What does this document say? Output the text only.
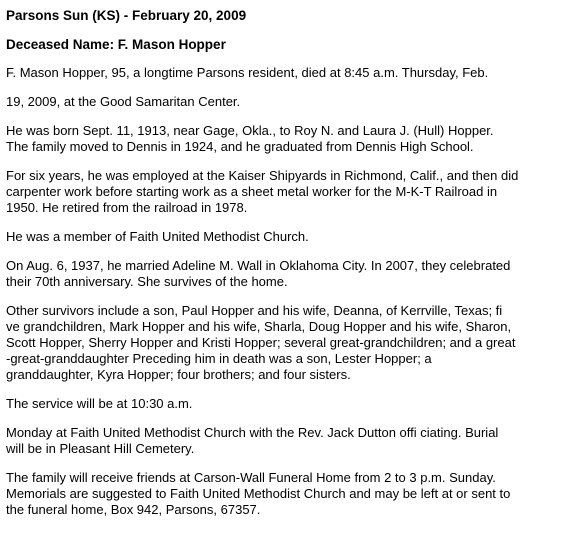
Parsons Sun (KS) - February 20, 2009

Deceased Name: F. Mason Hopper

F. Mason Hopper, 95, a longtime Parsons resident, died at 8:45 a.m. Thursday, Feb.

19, 2009, at the Good Samaritan Center.

He was born Sept. 11, 1913, near Gage, Okla., to Roy N. and Laura J. (Hull) Hopper.
The family moved to Dennis in 1924, and he graduated from Dennis High School.

For six years, he was employed at the Kaiser Shipyards in Richmond, Calif., and then did
carpenter work before starting work as a sheet metal worker for the M-K-T Railroad in
1950. He retired from the railroad in 1978.

He was a member of Faith United Methodist Church.

On Aug. 6, 1937, he married Adeline M. Wall in Oklahoma City. In 2007, they celebrated
their 70th anniversary. She survives of the home.

Other survivors include a son, Paul Hopper and his wife, Deanna, of Kerrville, Texas; fi
ve grandchildren, Mark Hopper and his wife, Sharla, Doug Hopper and his wife, Sharon,
Scott Hopper, Sherry Hopper and Kristi Hopper; several great-grandchildren; and a great
-great-granddaughter Preceding him in death was a son, Lester Hopper; a
granddaughter, Kyra Hopper; four brothers; and four sisters.

The service will be at 10:30 a.m.

Monday at Faith United Methodist Church with the Rev. Jack Dutton offi ciating. Burial
will be in Pleasant Hill Cemetery.

The family will receive friends at Carson-Wall Funeral Home from 2 to 3 p.m. Sunday.
Memorials are suggested to Faith United Methodist Church and may be left at or sent to
the funeral home, Box 942, Parsons, 67357.
